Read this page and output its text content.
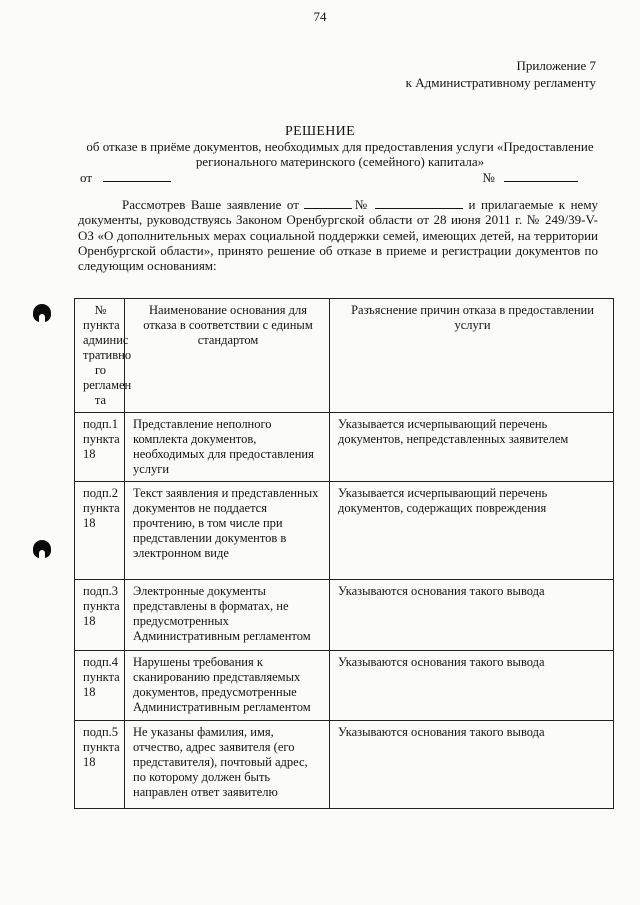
74
Приложение 7
к Административному регламенту
РЕШЕНИЕ
об отказе в приёме документов, необходимых для предоставления услуги «Предоставление регионального материнского (семейного) капитала»
от	№
Рассмотрев Ваше заявление от	№	и прилагаемые к нему документы, руководствуясь Законом Оренбургской области от 28 июня 2011 г. № 249/39-V-ОЗ «О дополнительных мерах социальной поддержки семей, имеющих детей, на территории Оренбургской области», принято решение об отказе в приеме и регистрации документов по следующим основаниям:
№ пункта админис тративно го регламен та	Наименование основания для отказа в соответствии с единым стандартом	Разъяснение причин отказа в предоставлении услуги

подп. 1
пункта 18	Представление неполного комплекта документов, необходимых для предоставления услуги	Указывается исчерпывающий перечень документов, непредставленных заявителем

подп. 2
пункта 18	Текст заявления и представленных документов не поддается прочтению, в том числе при представлении документов в электронном виде	Указывается исчерпывающий перечень документов, содержащих повреждения

подп. 3
пункта 18	Электронные документы представлены в форматах, не предусмотренных Административным регламентом	Указываются основания такого вывода

подп. 4
пункта 18	Нарушены требования к сканированию представляемых документов, предусмотренные Административным регламентом	Указываются основания такого вывода

подп. 5
пункта 18	Не указаны фамилия, имя, отчество, адрес заявителя (его представителя), почтовый адрес, по которому должен быть направлен ответ заявителю	Указываются основания такого вывода
